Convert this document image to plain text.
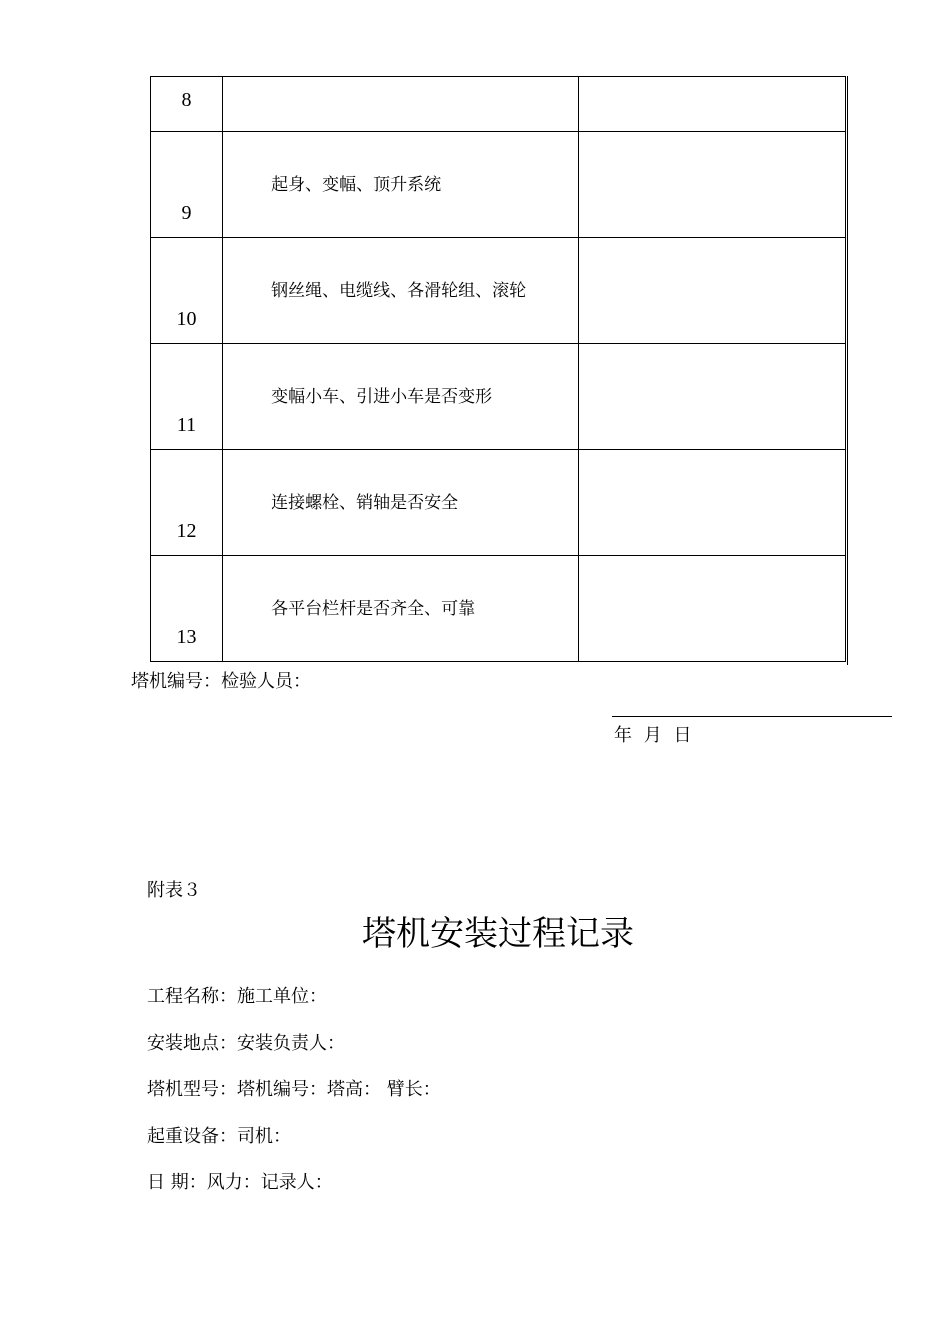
8		

9	起身、变幅、顶升系统	

10	钢丝绳、电缆线、各滑轮组、滚轮	

11	变幅小车、引进小车是否变形	

12	连接螺栓、销轴是否安全	

13	各平台栏杆是否齐全、可靠	

塔机编号：检验人员：
年 月 日
附表３
塔机安装过程记录
工程名称：施工单位：
安装地点：安装负责人：
塔机型号：塔机编号：塔高： 臂长：
起重设备：司机：
日 期：风力：记录人：
